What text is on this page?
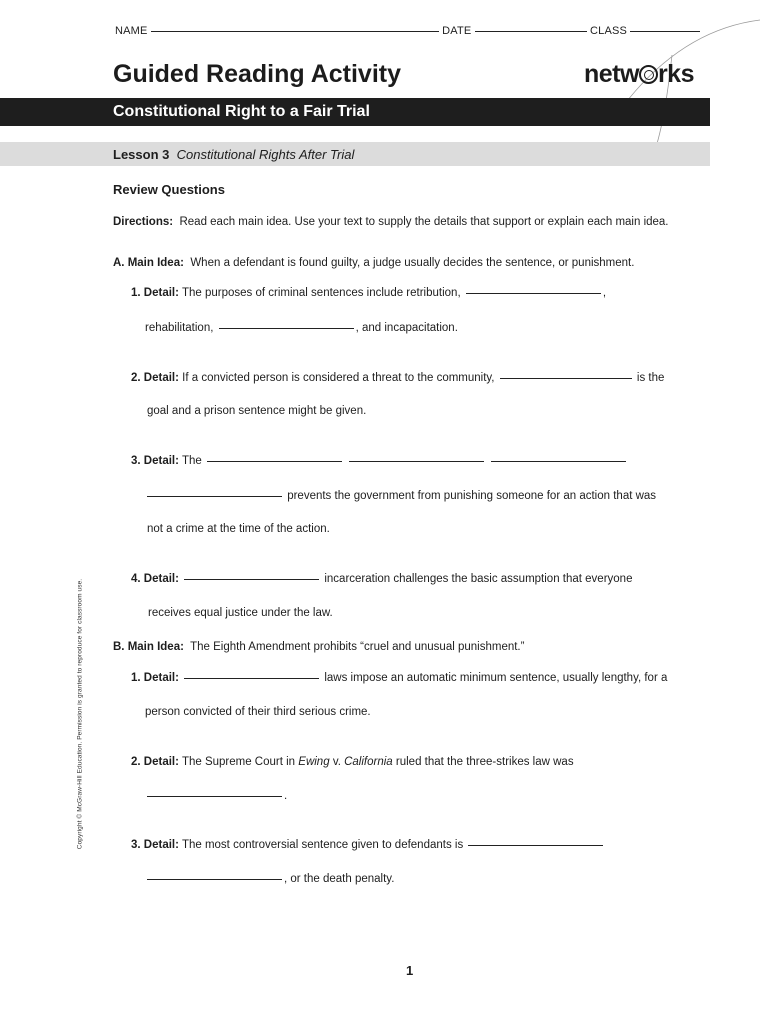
NAME	DATE	CLASS
Guided Reading Activity	netw rks
Constitutional Right to a Fair Trial
Lesson 3 Constitutional Rights After Trial
Review Questions
Directions: Read each main idea. Use your text to supply the details that support or explain each main idea.
A. Main Idea: When a defendant is found guilty, a judge usually decides the sentence, or punishment.
1. Detail: The purposes of criminal sentences include retribution,	,
rehabilitation,	, and incapacitation.
2. Detail: If a convicted person is considered a threat to the community,	is the
goal and a prison sentence might be given.
3. Detail: The
prevents the government from punishing someone for an action that was
not a crime at the time of the action.
4. Detail:	incarceration challenges the basic assumption that everyone
receives equal justice under the law.
B. Main Idea: The Eighth Amendment prohibits “cruel and unusual punishment.”
1. Detail:	laws impose an automatic minimum sentence, usually lengthy, for a
person convicted of their third serious crime.
2. Detail: The Supreme Court in Ewing v. California ruled that the three-strikes law was
.
3. Detail: The most controversial sentence given to defendants is
, or the death penalty.
Copyright © McGraw-Hill Education. Permission is granted to reproduce for classroom use.
1
